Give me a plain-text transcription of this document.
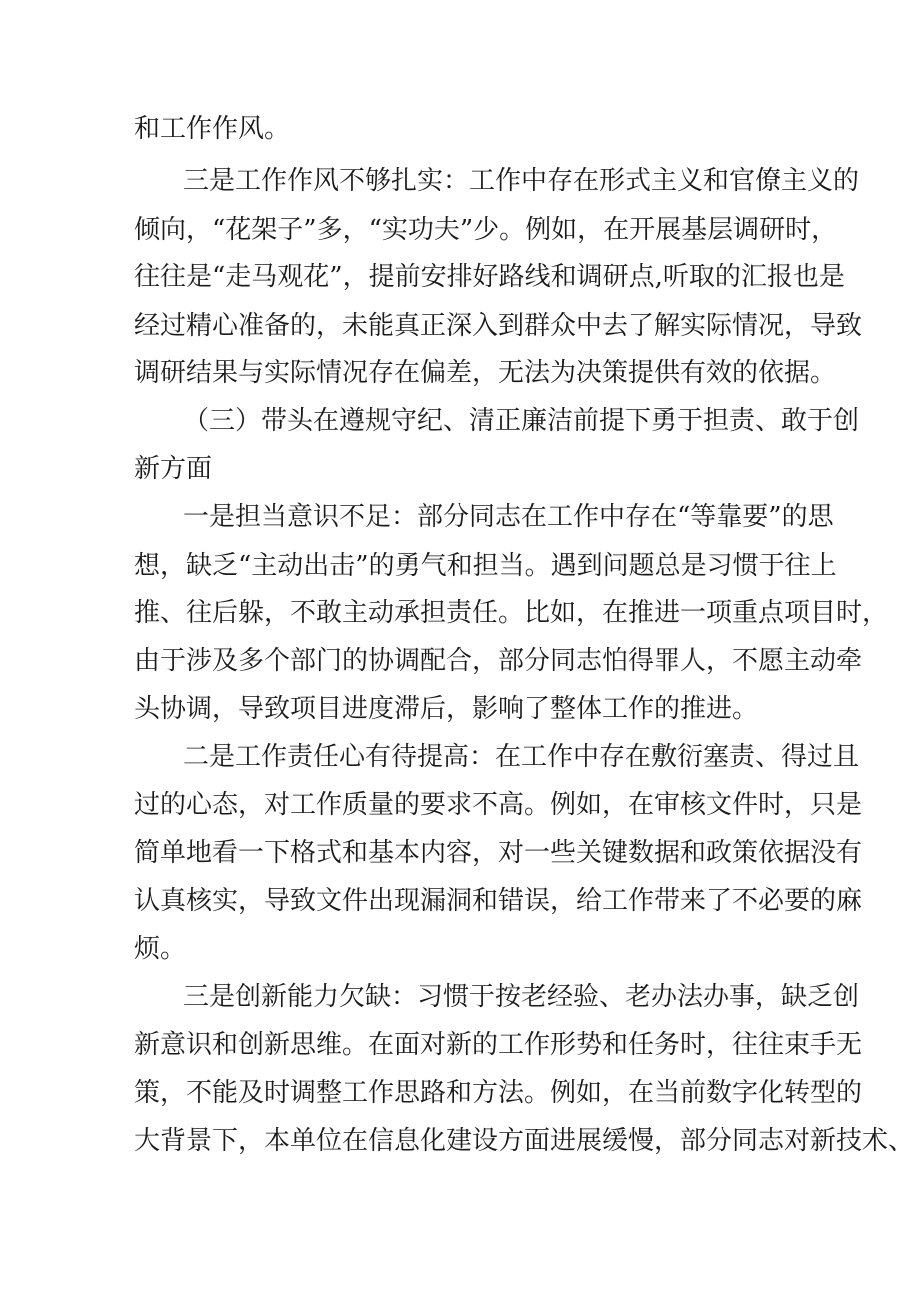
和工作作风。
三是工作作风不够扎实：工作中存在形式主义和官僚主义的
倾向，“花架子”多，“实功夫”少。例如，在开展基层调研时，
往往是“走马观花”，提前安排好路线和调研点,听取的汇报也是
经过精心准备的，未能真正深入到群众中去了解实际情况，导致
调研结果与实际情况存在偏差，无法为决策提供有效的依据。
（三）带头在遵规守纪、清正廉洁前提下勇于担责、敢于创
新方面
一是担当意识不足：部分同志在工作中存在“等靠要”的思
想，缺乏“主动出击”的勇气和担当。遇到问题总是习惯于往上
推、往后躲，不敢主动承担责任。比如，在推进一项重点项目时，
由于涉及多个部门的协调配合，部分同志怕得罪人，不愿主动牵
头协调，导致项目进度滞后，影响了整体工作的推进。
二是工作责任心有待提高：在工作中存在敷衍塞责、得过且
过的心态，对工作质量的要求不高。例如，在审核文件时，只是
简单地看一下格式和基本内容，对一些关键数据和政策依据没有
认真核实，导致文件出现漏洞和错误，给工作带来了不必要的麻
烦。
三是创新能力欠缺：习惯于按老经验、老办法办事，缺乏创
新意识和创新思维。在面对新的工作形势和任务时，往往束手无
策，不能及时调整工作思路和方法。例如，在当前数字化转型的
大背景下，本单位在信息化建设方面进展缓慢，部分同志对新技术、
